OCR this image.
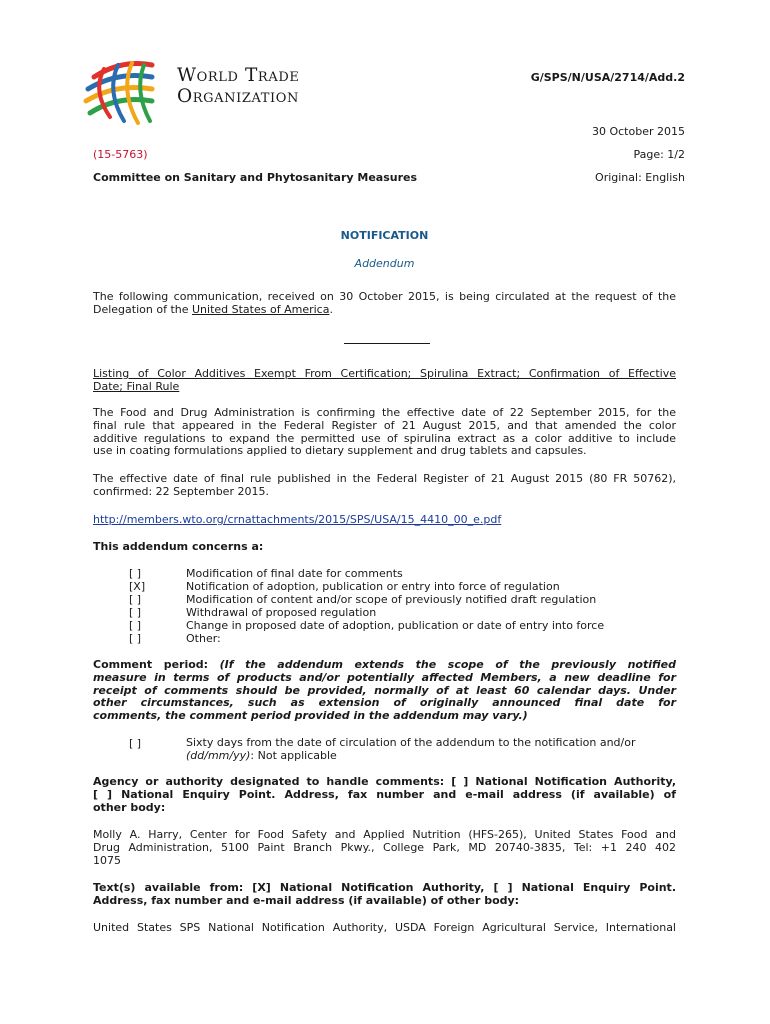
World Trade
Organization
G/SPS/N/USA/2714/Add.2
30 October 2015
(15-5763)	Page: 1/2
Committee on Sanitary and Phytosanitary Measures	Original: English
NOTIFICATION
Addendum
The following communication, received on 30 October 2015, is being circulated at the request of the Delegation of the United States of America.
Listing of Color Additives Exempt From Certification; Spirulina Extract; Confirmation of Effective
Date; Final Rule
The Food and Drug Administration is confirming the effective date of 22 September 2015, for the
final rule that appeared in the Federal Register of 21 August 2015, and that amended the color
additive regulations to expand the permitted use of spirulina extract as a color additive to include
use in coating formulations applied to dietary supplement and drug tablets and capsules.
The effective date of final rule published in the Federal Register of 21 August 2015 (80 FR 50762),
confirmed: 22 September 2015.
http://members.wto.org/crnattachments/2015/SPS/USA/15_4410_00_e.pdf
This addendum concerns a:
[ ]	Modification of final date for comments
[X]	Notification of adoption, publication or entry into force of regulation
[ ]	Modification of content and/or scope of previously notified draft regulation
[ ]	Withdrawal of proposed regulation
[ ]	Change in proposed date of adoption, publication or date of entry into force
[ ]	Other:
Comment period: (If the addendum extends the scope of the previously notified
measure in terms of products and/or potentially affected Members, a new deadline for
receipt of comments should be provided, normally of at least 60 calendar days. Under
other circumstances, such as extension of originally announced final date for
comments, the comment period provided in the addendum may vary.)
[ ]	Sixty days from the date of circulation of the addendum to the notification and/or
(dd/mm/yy): Not applicable
Agency or authority designated to handle comments: [ ] National Notification Authority,
[ ] National Enquiry Point. Address, fax number and e-mail address (if available) of
other body:
Molly A. Harry, Center for Food Safety and Applied Nutrition (HFS-265), United States Food and
Drug Administration, 5100 Paint Branch Pkwy., College Park, MD 20740-3835, Tel: +1 240 402
1075
Text(s) available from: [X] National Notification Authority, [ ] National Enquiry Point.
Address, fax number and e-mail address (if available) of other body:
United States SPS National Notification Authority, USDA Foreign Agricultural Service, International
